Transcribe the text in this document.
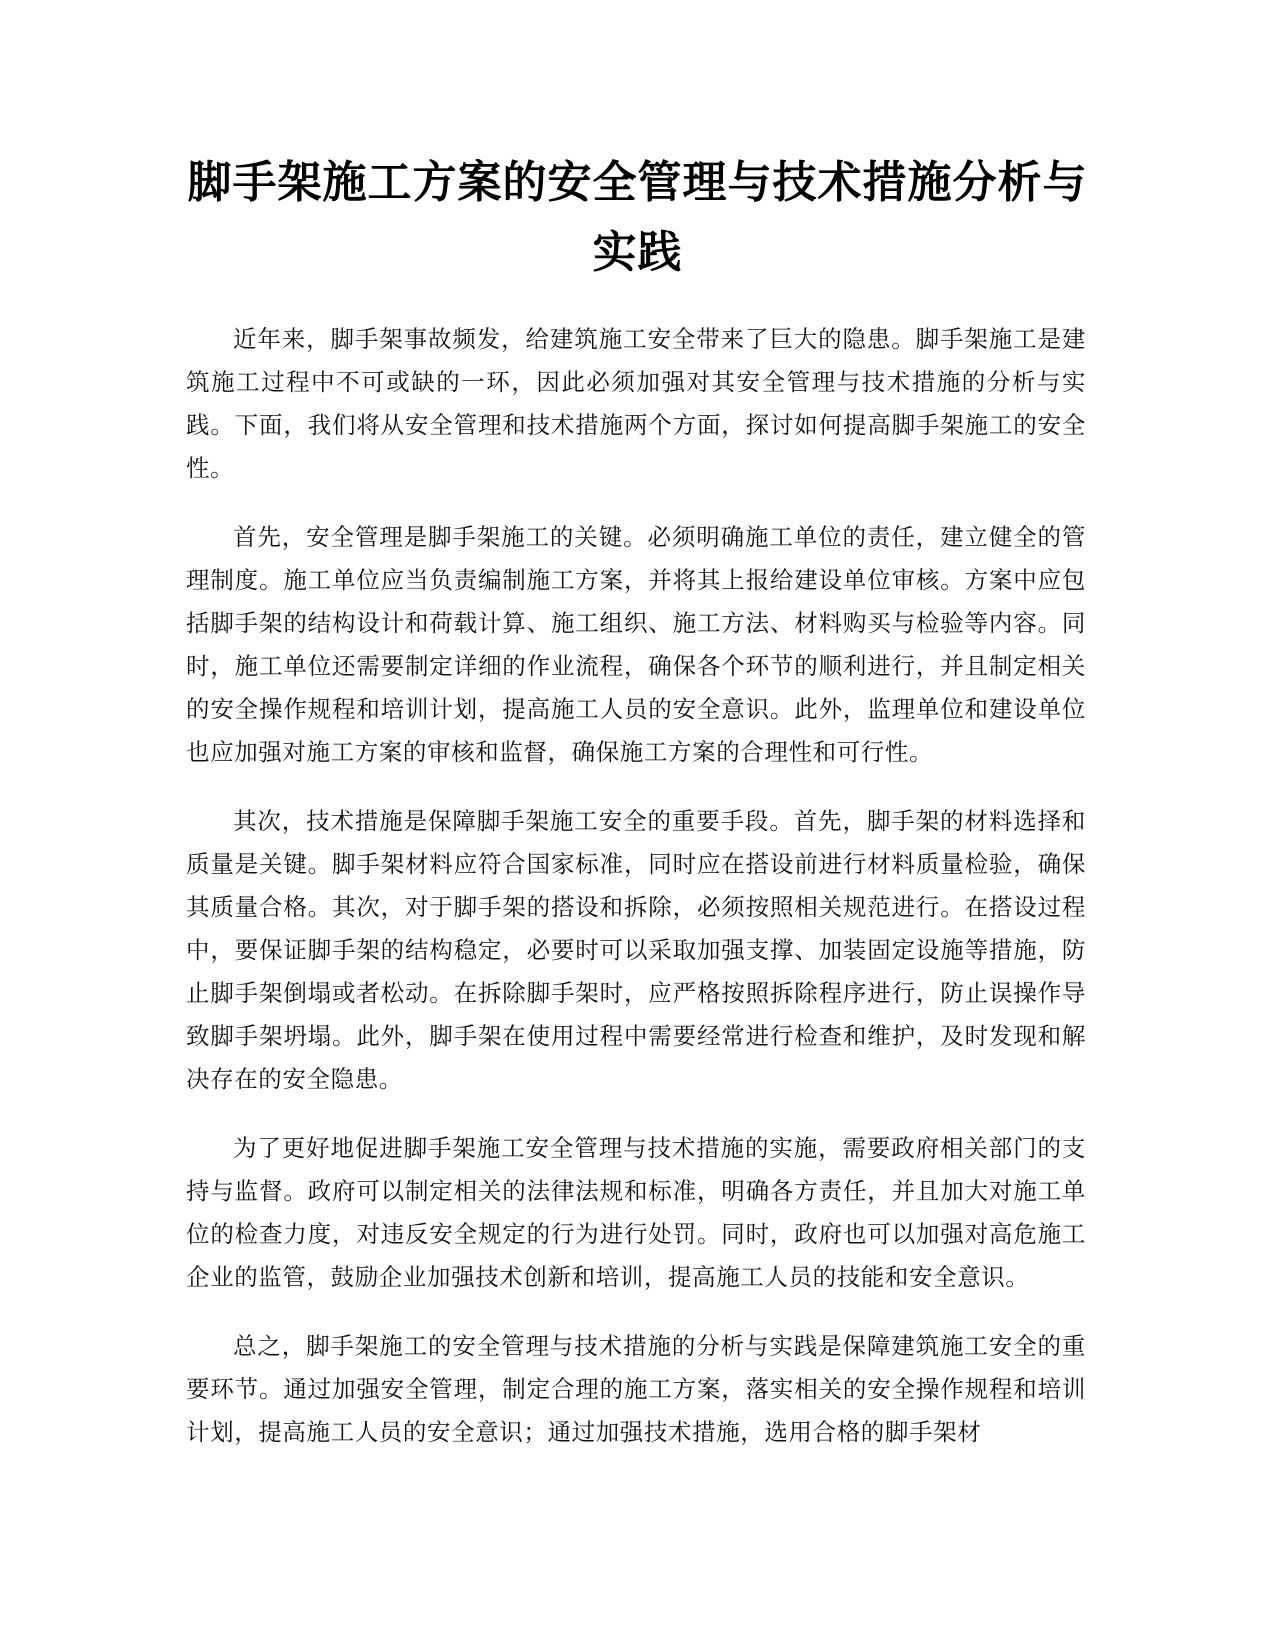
脚手架施工方案的安全管理与技术措施分析与实践

近年来，脚手架事故频发，给建筑施工安全带来了巨大的隐患。脚手架施工是建筑施工过程中不可或缺的一环，因此必须加强对其安全管理与技术措施的分析与实践。下面，我们将从安全管理和技术措施两个方面，探讨如何提高脚手架施工的安全性。

首先，安全管理是脚手架施工的关键。必须明确施工单位的责任，建立健全的管理制度。施工单位应当负责编制施工方案，并将其上报给建设单位审核。方案中应包括脚手架的结构设计和荷载计算、施工组织、施工方法、材料购买与检验等内容。同时，施工单位还需要制定详细的作业流程，确保各个环节的顺利进行，并且制定相关的安全操作规程和培训计划，提高施工人员的安全意识。此外，监理单位和建设单位也应加强对施工方案的审核和监督，确保施工方案的合理性和可行性。

其次，技术措施是保障脚手架施工安全的重要手段。首先，脚手架的材料选择和质量是关键。脚手架材料应符合国家标准，同时应在搭设前进行材料质量检验，确保其质量合格。其次，对于脚手架的搭设和拆除，必须按照相关规范进行。在搭设过程中，要保证脚手架的结构稳定，必要时可以采取加强支撑、加装固定设施等措施，防止脚手架倒塌或者松动。在拆除脚手架时，应严格按照拆除程序进行，防止误操作导致脚手架坍塌。此外，脚手架在使用过程中需要经常进行检查和维护，及时发现和解决存在的安全隐患。

为了更好地促进脚手架施工安全管理与技术措施的实施，需要政府相关部门的支持与监督。政府可以制定相关的法律法规和标准，明确各方责任，并且加大对施工单位的检查力度，对违反安全规定的行为进行处罚。同时，政府也可以加强对高危施工企业的监管，鼓励企业加强技术创新和培训，提高施工人员的技能和安全意识。

总之，脚手架施工的安全管理与技术措施的分析与实践是保障建筑施工安全的重要环节。通过加强安全管理，制定合理的施工方案，落实相关的安全操作规程和培训计划，提高施工人员的安全意识；通过加强技术措施，选用合格的脚手架材
